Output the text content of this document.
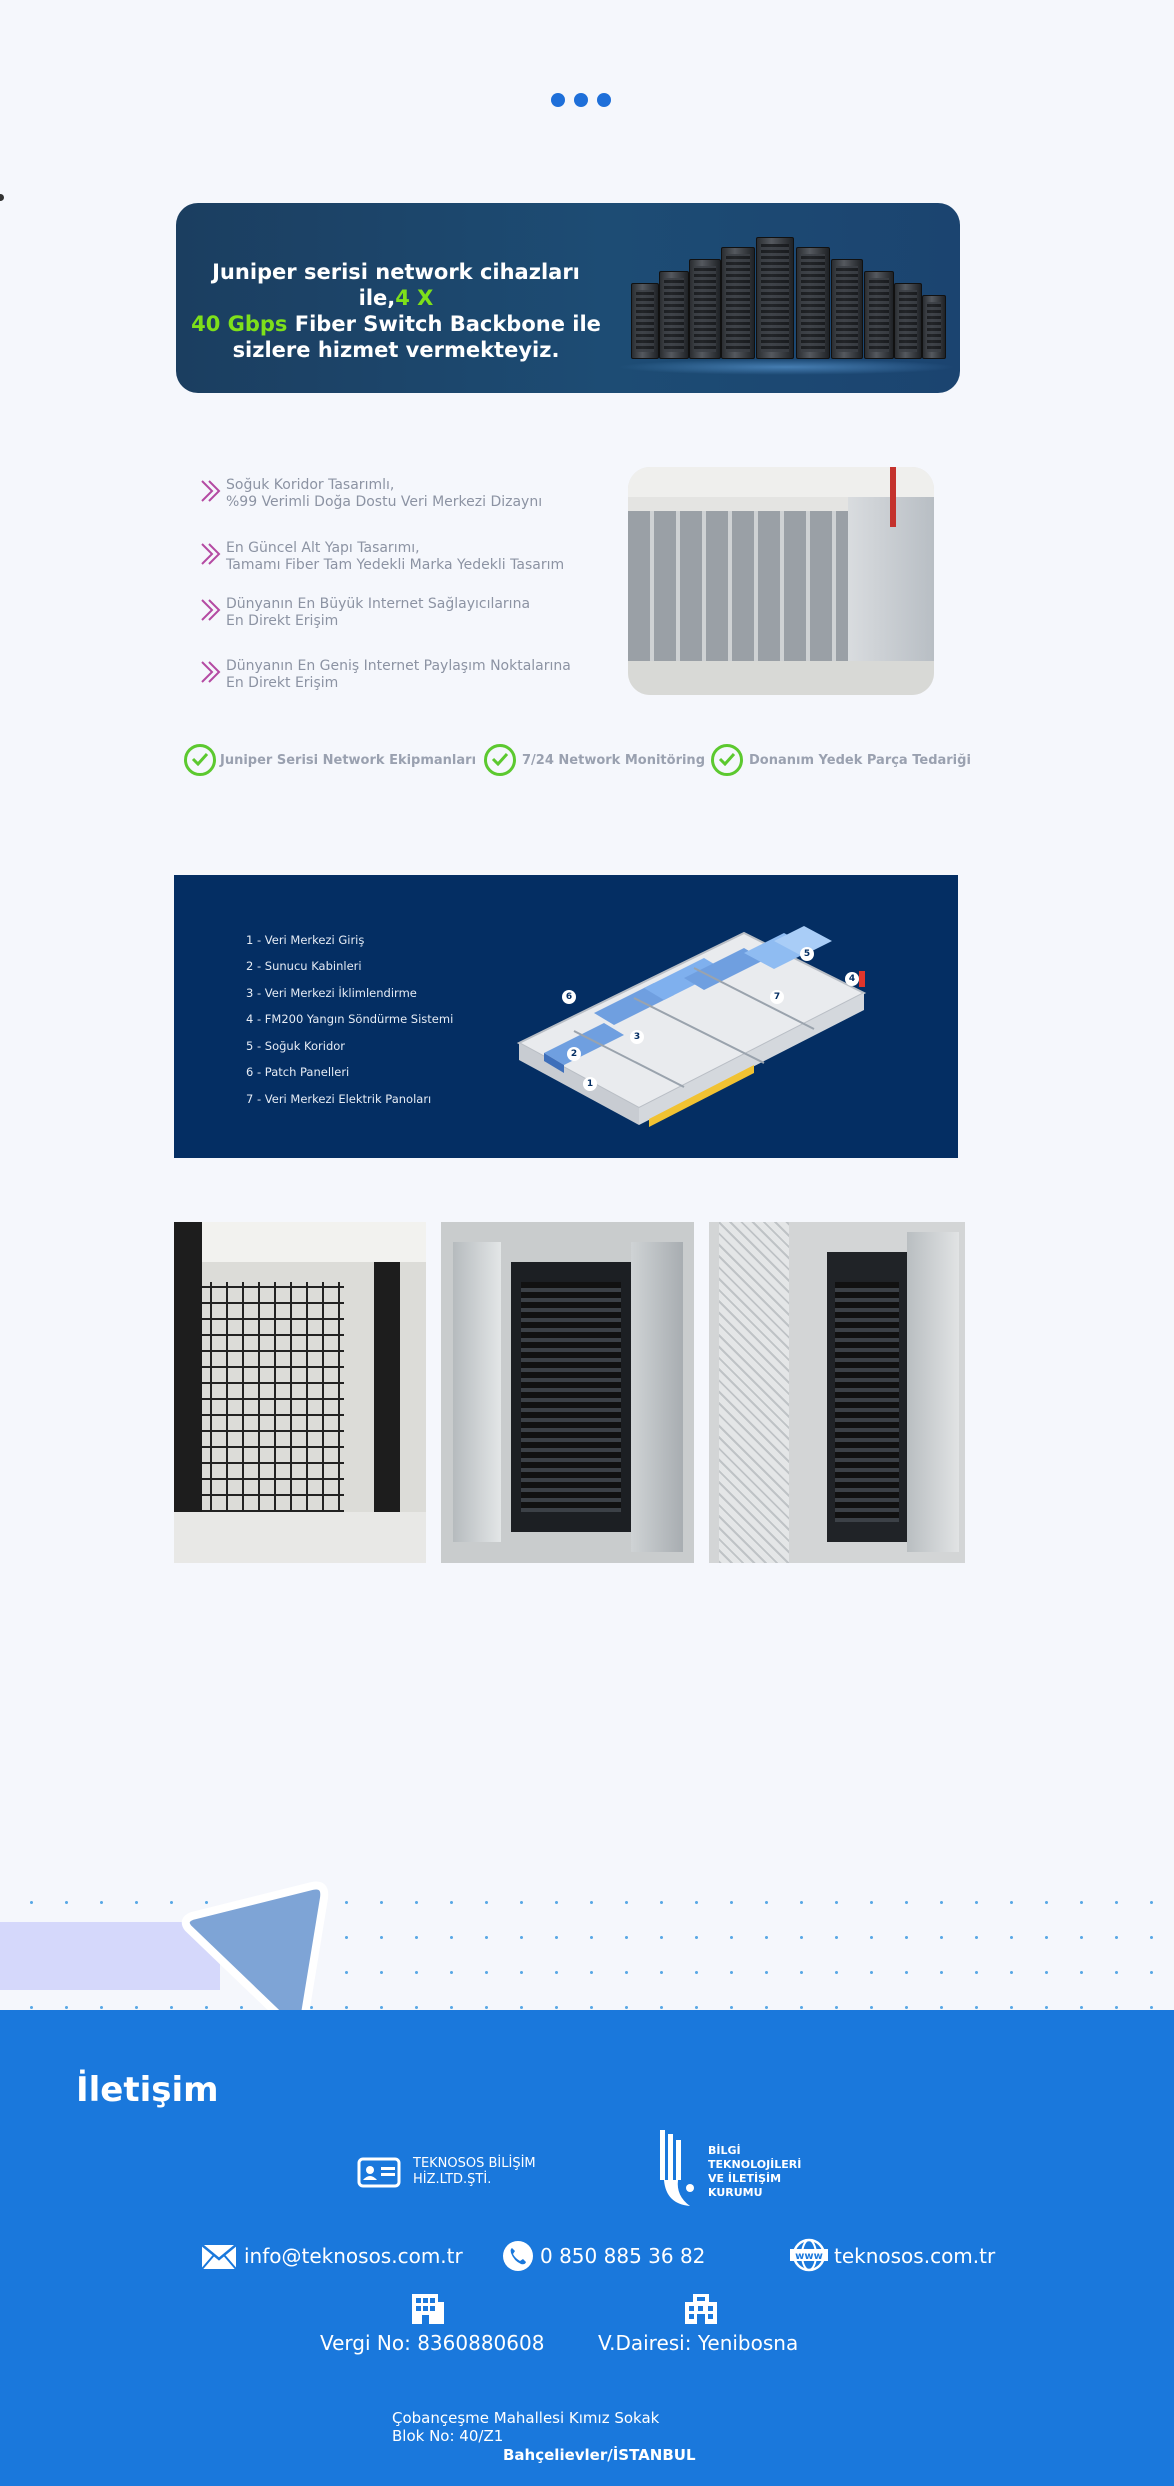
Juniper serisi network cihazları ile,4 X
40 Gbps Fiber Switch Backbone ile
sizlere hizmet vermekteyiz.
Soğuk Koridor Tasarımlı,
%99 Verimli Doğa Dostu Veri Merkezi Dizaynı
En Güncel Alt Yapı Tasarımı,
Tamamı Fiber Tam Yedekli Marka Yedekli Tasarım
Dünyanın En Büyük Internet Sağlayıcılarına
En Direkt Erişim
Dünyanın En Geniş Internet Paylaşım Noktalarına
En Direkt Erişim
Juniper Serisi Network Ekipmanları	7/24 Network Monitöring	Donanım Yedek Parça Tedariği
1 - Veri Merkezi Giriş
2 - Sunucu Kabinleri
3 - Veri Merkezi İklimlendirme
4 - FM200 Yangın Söndürme Sistemi
5 - Soğuk Koridor
6 - Patch Panelleri
7 - Veri Merkezi Elektrik Panoları
1
2
3
4
5
6	7
İletişim
TEKNOSOS BİLİŞİM
HİZ.LTD.ŞTİ.
BİLGİ
TEKNOLOJİLERİ
VE İLETİŞİM
KURUMU
info@teknosos.com.tr	0 850 885 36 82	www teknosos.com.tr
Vergi No: 8360880608	V.Dairesi: Yenibosna
Çobançeşme Mahallesi Kımız Sokak
Blok No: 40/Z1
Bahçelievler/İSTANBUL
